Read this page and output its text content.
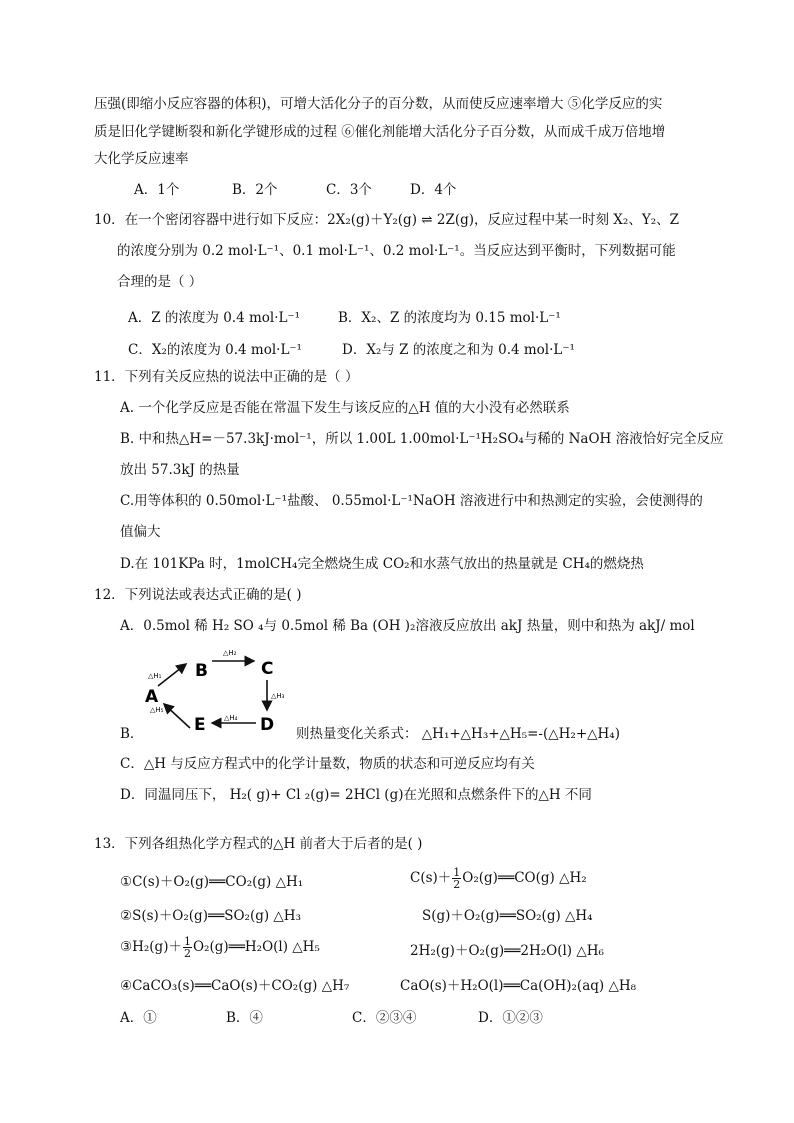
压强(即缩小反应容器的体积)，可增大活化分子的百分数，从而使反应速率增大 ⑤化学反应的实
质是旧化学键断裂和新化学键形成的过程 ⑥催化剂能增大活化分子百分数，从而成千成万倍地增
大化学反应速率
A．1个	B．2个	C．3个	D．4个
10．在一个密闭容器中进行如下反应：2X₂(g)＋Y₂(g) ⇌ 2Z(g)，反应过程中某一时刻 X₂、Y₂、Z
的浓度分别为 0.2 mol·L⁻¹、0.1 mol·L⁻¹、0.2 mol·L⁻¹。当反应达到平衡时，下列数据可能
合理的是（ ）
A．Z 的浓度为 0.4 mol·L⁻¹	B．X₂、Z 的浓度均为 0.15 mol·L⁻¹
C．X₂的浓度为 0.4 mol·L⁻¹	D．X₂与 Z 的浓度之和为 0.4 mol·L⁻¹
11．下列有关反应热的说法中正确的是（ ）
A. 一个化学反应是否能在常温下发生与该反应的△H 值的大小没有必然联系
B. 中和热△H=－57.3kJ·mol⁻¹，所以 1.00L 1.00mol·L⁻¹H₂SO₄与稀的 NaOH 溶液恰好完全反应
放出 57.3kJ 的热量
C.用等体积的 0.50mol·L⁻¹盐酸、 0.55mol·L⁻¹NaOH 溶液进行中和热测定的实验，会使测得的
值偏大
D.在 101KPa 时，1molCH₄完全燃烧生成 CO₂和水蒸气放出的热量就是 CH₄的燃烧热
12．下列说法或表达式正确的是( )
A．0.5mol 稀 H₂ SO ₄与 0.5mol 稀 Ba (OH )₂溶液反应放出 akJ 热量，则中和热为 akJ/ mol
B	C
D
E
A
△H₁
△H₂
△H₃
△H₄
△H₅
B．	则热量变化关系式： △H₁+△H₃+△H₅=-(△H₂+△H₄)
C．△H 与反应方程式中的化学计量数，物质的状态和可逆反应均有关
D．同温同压下， H₂( g)+ Cl ₂(g)= 2HCl (g)在光照和点燃条件下的△H 不同
13．下列各组热化学方程式的△H 前者大于后者的是( )
①C(s)＋O₂(g)══CO₂(g) △H₁	$C(s)+ \frac{1}{2}$ O₂(g)══CO(g) △H₂
②S(s)＋O₂(g)══SO₂(g) △H₃	S(g)＋O₂(g)══SO₂(g) △H₄
③H₂(g)＋ $\frac{1}{2}$ O₂(g)══H₂O(l) △H₅	2H₂(g)＋O₂(g)══2H₂O(l) △H₆
④CaCO₃(s)══CaO(s)＋CO₂(g) △H₇	CaO(s)＋H₂O(l)══Ca(OH)₂(aq) △H₈
A．①	B．④	C．②③④	D．①②③
